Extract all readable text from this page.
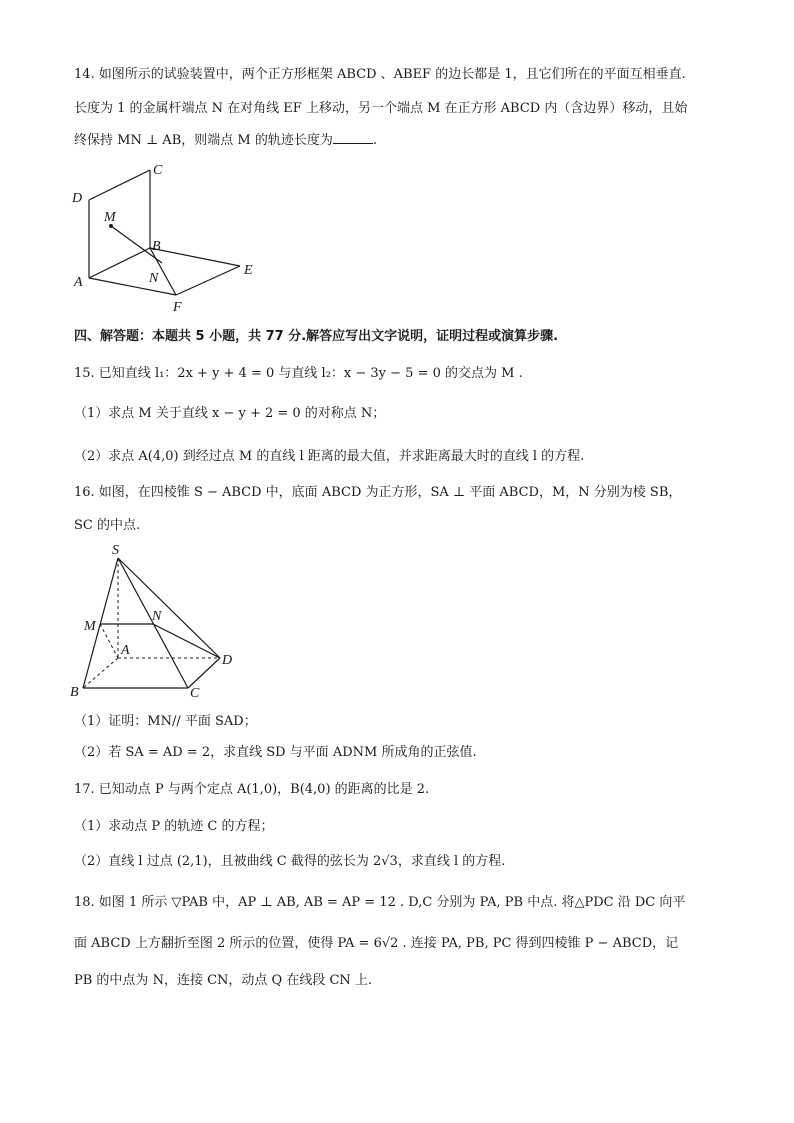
14. 如图所示的试验装置中，两个正方形框架 ABCD 、ABEF 的边长都是 1，且它们所在的平面互相垂直.
长度为 1 的金属杆端点 N 在对角线 EF 上移动，另一个端点 M 在正方形 ABCD 内（含边界）移动，且始
终保持 MN ⊥ AB，则端点 M 的轨迹长度为	.
D
C
M
B
N
E
A
F
四、解答题：本题共 5 小题，共 77 分.解答应写出文字说明，证明过程或演算步骤.
15. 已知直线 l₁：2x + y + 4 = 0 与直线 l₂：x − 3y − 5 = 0 的交点为 M .
（1）求点 M 关于直线 x − y + 2 = 0 的对称点 N；
（2）求点 A(4,0) 到经过点 M 的直线 l 距离的最大值，并求距离最大时的直线 l 的方程.
16. 如图，在四棱锥 S − ABCD 中，底面 ABCD 为正方形，SA ⊥ 平面 ABCD，M，N 分别为棱 SB，
SC 的中点.
S
M
N
A
D
B	C
（1）证明：MN// 平面 SAD；
（2）若 SA = AD = 2，求直线 SD 与平面 ADNM 所成角的正弦值.
17. 已知动点 P 与两个定点 A(1,0)，B(4,0) 的距离的比是 2.
（1）求动点 P 的轨迹 C 的方程；
（2）直线 l 过点 (2,1)，且被曲线 C 截得的弦长为 2√3，求直线 l 的方程.
18. 如图 1 所示 ▽PAB 中，AP ⊥ AB, AB = AP = 12 . D,C 分别为 PA, PB 中点. 将△PDC 沿 DC 向平
面 ABCD 上方翻折至图 2 所示的位置，使得 PA = 6√2 . 连接 PA, PB, PC 得到四棱锥 P − ABCD，记
PB 的中点为 N，连接 CN，动点 Q 在线段 CN 上.
